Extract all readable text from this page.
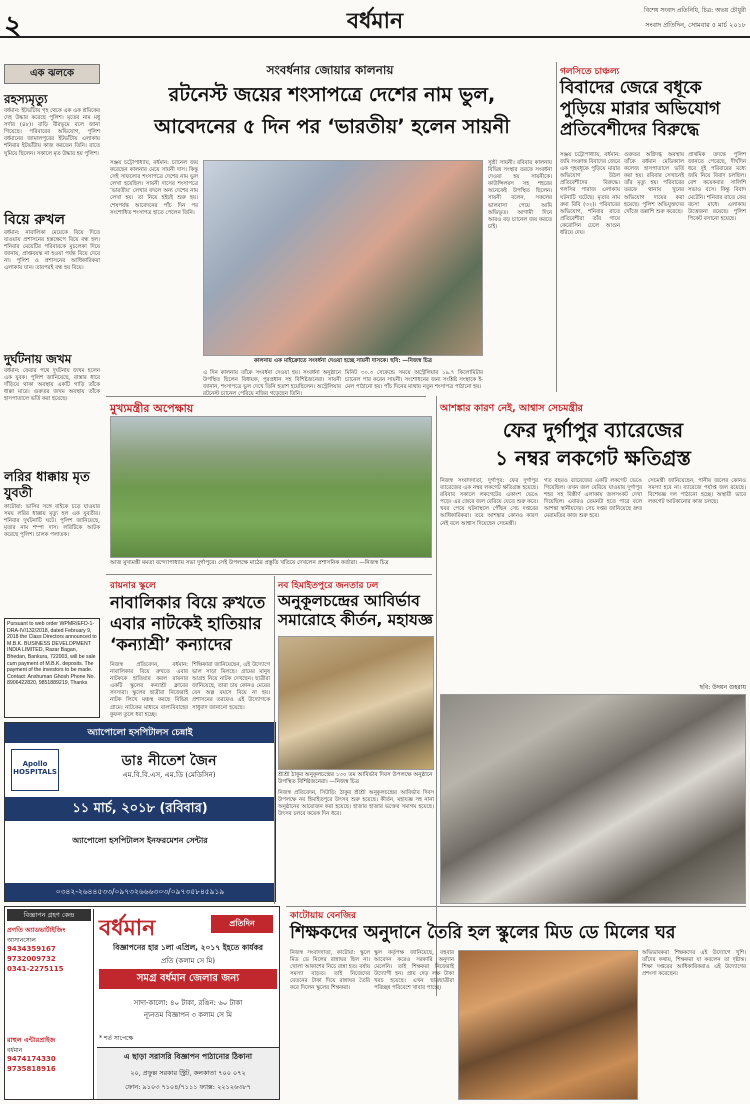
২	বর্ধমান	বিশেষ সংবাদ প্রতিনিধি, চিত্র: অভয় চৌধুরী
সংবাদ প্রতিদিন, সোমবার ৫ মার্চ ২০১৮
এক ঝলকে
রহস্যমৃত্যু
বর্ধমান: ইটভাঁটায় গৃহ থেকে এক এক শ্রমিকের দেহ উদ্ধার করেছে পুলিশ। মৃতের নাম মধু সর্দার (৪৮)। বাড়ি বীরভূমে বলে জানা গিয়েছে। পরিবারের অভিযোগ, পুলিশ বর্ধমানের জামালপুরের ইটভাঁটায় এলাকায় শনিবার ইটভাঁটায় কাজ করতেন তিনি। রাতে ঘুমিয়ে ছিলেন। সকালে মৃত উদ্ধার হয় পুলিশ।
বিয়ে রুখল
বর্ধমান: নাবালিকা মেয়েকে বিয়ে দিতে যাওয়ায় প্রশাসনের হস্তক্ষেপে বিয়ে বন্ধ হল। শনিবার মেয়েটির পরিবারকে মুচলেকা দিয়ে জানায়, প্রাপ্তবয়স্ক না হওয়া পর্যন্ত বিয়ে দেবে না। পুলিশ ও প্রশাসনের আধিকারিকরা এলাকায় যান। তারপরই বন্ধ হয় বিয়ে।
দুর্ঘটনায় জখম
বর্ধমান: ফেরার পথে দুর্ঘটনায় জখম হলেন এক যুবক। পুলিশ জানিয়েছে, রাস্তার ধারে দাঁড়িয়ে থাকা অবস্থায় একটি গাড়ি তাঁকে ধাক্কা মারে। গুরুতর জখম অবস্থায় তাঁকে হাসপাতালে ভর্তি করা হয়েছে।
লরির ধাক্কায় মৃত যুবতী
কাটোয়া: ভাসির সঙ্গে বাইকে চড়ে যাওয়ার সময় লরির ধাক্কায় মৃত্যু হল এক যুবতীর। শনিবার দুর্ঘটনাটি ঘটে। পুলিশ জানিয়েছে, মৃতার নাম শম্পা দাস। লরিটিকে আটক করেছে পুলিশ। চালক পলাতক।
Pursuant to web order WPMR/EFD-1-DRA-IV/132/2018, dated February 9, 2018 the Class Directors announced to M.B.K. BUSINESS DEVELOPMENT INDIA LIMITED, Razar Bagan, Bhedan, Bankura, 722003, will be sale cum payment of M.B.K. deposits. The payment of the investors to be made. Contact: Anshuman Ghosh Phone No. 8906422820, 9851889219, Thanks
অ্যাপোলো হসপিটালস চেন্নাই
Apollo HOSPITALS
ডাঃ নীতেশ জৈন
এম.বি.বি.এস, এম.ডি (মেডিসিন)
১১ মার্চ, ২০১৮ (রবিবার)
অ্যাপোলো হসপিটালস ইনফরমেশন সেন্টার
০৩৪২-২৬৪৪৫৩৩/০৯৭৩২৬৬৬৩০৩/০৯৭৩৫৮৪৫৯১৯
সংবর্ধনার জোয়ার কালনায়
রটনেস্ট জয়ের শংসাপত্রে দেশের নাম ভুল,
আবেদনের ৫ দিন পর ‘ভারতীয়’ হলেন সায়নী
সঞ্জয় চট্টোপাধ্যায়, বর্ধমান: চ্যানেল জয় করেছেন কালনার মেয়ে সায়নী দাস। কিন্তু সেই সাফল্যের শংসাপত্রে দেশের নাম ভুল লেখা হয়েছিল। সায়নী দাসের শংসাপত্রে ‘ভারতীয়’ লেখার বদলে অন্য দেশের নাম লেখা হয়। তা নিয়ে হইচই শুরু হয়। শেষপর্যন্ত আবেদনের পাঁচ দিন পর সংশোধিত শংসাপত্র হাতে পেলেন তিনি।
কালনায় এক মাইক্রোতে সংবর্ধনা দেওয়া হচ্ছে সায়নী দাসকে। ছবি: —নিজস্ব চিত্র
সুশ্রী সায়নী। রবিবার কালনায় বিভিন্ন সংস্থার তরফে সংবর্ধনা দেওয়া হয় সায়নীকে। কাউন্সিলরস সহ শহরের অনেকেই উপস্থিত ছিলেন। সায়নী বলেন, সকলের ভালবাসা পেয়ে আমি অভিভূত। আগামী দিনে আরও বড় চ্যানেল জয় করতে চাই।
এ দিন কালনায় তাঁকে সংবর্ধনা দেওয়া হয়। সংবর্ধনা অনুষ্ঠানে উপস্থিত ছিলেন বিধায়ক, পুরপ্রধান সহ বিশিষ্টজনেরা। সায়নী জানান, শংসাপত্রে ভুল দেখে তিনি হতাশ হয়েছিলেন। অস্ট্রেলিয়ার রটনেস্ট চ্যানেল পেরিয়ে নজির গড়েছেন তিনি।
মিনিট ৩০.৩ সেকেন্ডে সময়ে অস্ট্রেলিয়ার ১৯.৭ কিলোমিটার চ্যানেল পার করেন সায়নী। সংশোধনের জন্য সংশ্লিষ্ট সংস্থাকে ই-মেল পাঠানো হয়। পাঁচ দিনের মাথায় নতুন শংসাপত্র পাঠানো হয়।
গলসিতে চাঞ্চল্য
বিবাদের জেরে বধূকে পুড়িয়ে মারার অভিযোগ প্রতিবেশীদের বিরুদ্ধে
সঞ্জয় চট্টোপাধ্যায়, বর্ধমান: জমি সংক্রান্ত বিবাদের জেরে এক গৃহবধূকে পুড়িয়ে মারার অভিযোগ উঠল প্রতিবেশীদের বিরুদ্ধে। গলসির পারাজ এলাকায় ঘটনাটি ঘটেছে। মৃতার নাম রুমা বিবি (৩২)। পরিবারের অভিযোগ, শনিবার রাতে প্রতিবেশীরা তাঁর গায়ে কেরোসিন ঢেলে আগুন ধরিয়ে দেয়।
গুরুতর অগ্নিদগ্ধ অবস্থায় তাঁকে বর্ধমান মেডিক্যাল কলেজ হাসপাতালে ভর্তি করা হয়। রবিবার সেখানেই তাঁর মৃত্যু হয়। পরিবারের তরফে থানায় খুনের অভিযোগ দায়ের করা হয়েছে। পুলিশ অভিযুক্তদের খোঁজে তল্লাশি শুরু করেছে।
প্রাথমিক তদন্তে পুলিশ জানতে পেরেছে, দীর্ঘদিন ধরে দুই পরিবারের মধ্যে জমি নিয়ে বিবাদ চলছিল। বেশ কয়েকবার সালিশি সভাও বসে। কিন্তু বিবাদ মেটেনি। শনিবার রাতে ফের বচসা বাধে। এলাকায় উত্তেজনা রয়েছে। পুলিশ পিকেট বসানো হয়েছে।
মুখ্যমন্ত্রীর অপেক্ষায়
আজ মুখ্যমন্ত্রী মমতা বন্দ্যোপাধ্যায় সভা দুর্গাপুরে। সেই উপলক্ষে মাঠের প্রস্তুতি খতিয়ে দেখলেন প্রশাসনিক কর্তারা। —নিজস্ব চিত্র
আশঙ্কার কারণ নেই, আশ্বাস সেচমন্ত্রীর
ফের দুর্গাপুর ব্যারেজের
১ নম্বর লকগেট ক্ষতিগ্রস্ত
নিজস্ব সংবাদদাতা, দুর্গাপুর: ফের দুর্গাপুর ব্যারেজের এক নম্বর লকগেট ক্ষতিগ্রস্ত হয়েছে। রবিবার সকালে লকগেটের একাংশ ভেঙে পড়ে। এর জেরে জল বেরিয়ে যেতে শুরু করে। খবর পেয়ে ঘটনাস্থলে পৌঁছন সেচ দপ্তরের আধিকারিকরা। তবে আশঙ্কার কোনও কারণ নেই বলে আশ্বাস দিয়েছেন সেচমন্ত্রী।
গত বছরও ব্যারেজের একটি লকগেট ভেঙে গিয়েছিল। তখন জল বেরিয়ে যাওয়ায় দুর্গাপুর শহর সহ বিস্তীর্ণ এলাকায় জলসংকট দেখা দিয়েছিল। এবারও তেমনটা হতে পারে বলে আশঙ্কা স্থানীয়দের। সেচ দপ্তর জানিয়েছে দ্রুত মেরামতির কাজ শুরু হবে।
সেচমন্ত্রী জানিয়েছেন, পানীয় জলের কোনও সমস্যা হবে না। ব্যারেজে পর্যাপ্ত জল রয়েছে। বিশেষজ্ঞ দল পাঠানো হচ্ছে। অস্থায়ী ভাবে লকগেট আটকানোর কাজ চলছে।
ছবি: উদয়ন গুহরায়
রায়নার স্কুলে
নাবালিকার বিয়ে রুখতে এবার নাটকেই হাতিয়ার ‘কন্যাশ্রী’ কন্যাদের
নিজস্ব প্রতিবেদন, বর্ধমান: নাবালিকার বিয়ে রুখতে এবার নাটককে হাতিয়ার করল রায়নার একটি স্কুলের কন্যাশ্রী ক্লাবের সদস্যরা। স্কুলের ছাত্রীরা নিজেরাই নাটক লিখে মঞ্চস্থ করছে বিভিন্ন গ্রামে। নাটকের মাধ্যমে বাল্যবিবাহের কুফল তুলে ধরা হচ্ছে।
শিক্ষিকারা জানিয়েছেন, এই উদ্যোগে ভাল সাড়া মিলছে। গ্রামের মানুষ আগ্রহ নিয়ে নাটক দেখছেন। ছাত্রীরা জানিয়েছে, তারা চায় কোনও মেয়ের যেন অল্প বয়সে বিয়ে না হয়। প্রশাসনের তরফেও এই উদ্যোগকে সাধুবাদ জানানো হয়েছে।
নব হিমাইতপুরে জনতার ঢল
অনুকূলচন্দ্রের আবির্ভাব সমারোহে কীর্তন, মহাযজ্ঞ
শ্রীশ্রী ঠাকুর অনুকূলচন্দ্রের ১৩০ তম আবির্ভাব দিবস উপলক্ষে অনুষ্ঠানে উপস্থিত বিশিষ্টজনেরা। —নিজস্ব চিত্র
নিজস্ব প্রতিবেদন, সিউড়ি: ঠাকুর শ্রীশ্রী অনুকূলচন্দ্রের আবির্ভাব দিবস উপলক্ষে নব হিমাইতপুরে উৎসব শুরু হয়েছে। কীর্তন, মহাযজ্ঞ সহ নানা অনুষ্ঠানের আয়োজন করা হয়েছে। হাজার হাজার ভক্তের সমাগম হয়েছে। উৎসব চলবে কয়েক দিন ধরে।
বিজ্ঞাপন গ্রহণ কেন্দ্র
প্রগতি অ্যাডভার্টাইজিং
আসানসোল
9434359167
9732009732
0341-2275115
রাহুল এন্টারপ্রাইজ
বর্ধমান
9474174330
9735818916
বর্ধমান	প্রতিদিন
বিজ্ঞাপনের হার ১লা এপ্রিল, ২০১৭ ইহতে কার্যকর
প্রতি (কলাম সে মি)
সমগ্র বর্ধমান জেলার জন্য
সাদা-কালো: ৪০ টাকা, রঙিন: ৬০ টাকা
ন্যূনতম বিজ্ঞাপন ৩ কলাম সে মি
* শর্ত সাপেক্ষে
এ ছাড়া সরাসরি বিজ্ঞাপন পাঠানোর ঠিকানা
২০, প্রফুল্ল সরকার স্ট্রিট, কলকাতা ৭০০ ০৭২
ফোন: ৯১০৩ ৭১০৪/৭১১১ ফ্যাক্স: ২২১২৬৩৮৭
কাটোয়ায় বেনজির
শিক্ষকদের অনুদানে তৈরি হল স্কুলের মিড ডে মিলের ঘর
নিজস্ব সংবাদদাতা, কাটোয়া: স্কুলে মিড ডে মিলের রান্নাঘর ছিল না। খোলা আকাশের নিচে রান্না হত। বর্ষায় সমস্যা বাড়ত। তাই নিজেদের বেতনের টাকা দিয়ে রান্নাঘর তৈরি করে দিলেন স্কুলের শিক্ষকরা।
স্কুল কর্তৃপক্ষ জানিয়েছে, বহুবার আবেদন করেও সরকারি অনুদান মেলেনি। তাই শিক্ষকরা নিজেরাই উদ্যোগী হন। প্রায় দেড় লক্ষ টাকা খরচ হয়েছে। এখন ছাত্রছাত্রীরা পরিচ্ছন্ন পরিবেশে খাবার পাচ্ছে।
অভিভাবকরা শিক্ষকদের এই উদ্যোগে খুশি। তাঁদের কথায়, শিক্ষকরা যা করলেন তা দৃষ্টান্ত। শিক্ষা দপ্তরের আধিকারিকরাও এই উদ্যোগের প্রশংসা করেছেন।
